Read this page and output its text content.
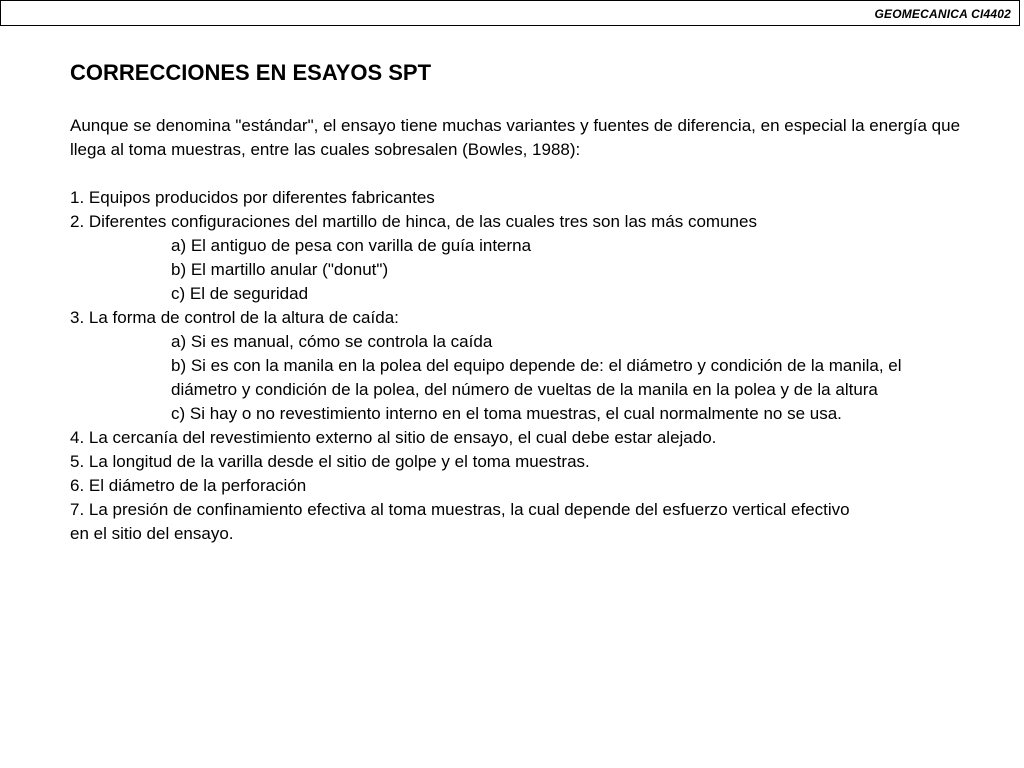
GEOMECANICA CI4402
CORRECCIONES EN ESAYOS SPT

Aunque se denomina "estándar", el ensayo tiene muchas variantes y fuentes de diferencia, en especial la energía que llega al toma muestras, entre las cuales sobresalen (Bowles, 1988):

1. Equipos producidos por diferentes fabricantes
2. Diferentes configuraciones del martillo de hinca, de las cuales tres son las más comunes
a) El antiguo de pesa con varilla de guía interna
b) El martillo anular ("donut")
c) El de seguridad
3. La forma de control de la altura de caída:
a) Si es manual, cómo se controla la caída
b) Si es con la manila en la polea del equipo depende de: el diámetro y condición de la manila, el diámetro y condición de la polea, del número de vueltas de la manila en la polea y de la altura
c) Si hay o no revestimiento interno en el toma muestras, el cual normalmente no se usa.
4. La cercanía del revestimiento externo al sitio de ensayo, el cual debe estar alejado.
5. La longitud de la varilla desde el sitio de golpe y el toma muestras.
6. El diámetro de la perforación
7. La presión de confinamiento efectiva al toma muestras, la cual depende del esfuerzo vertical efectivo en el sitio del ensayo.
